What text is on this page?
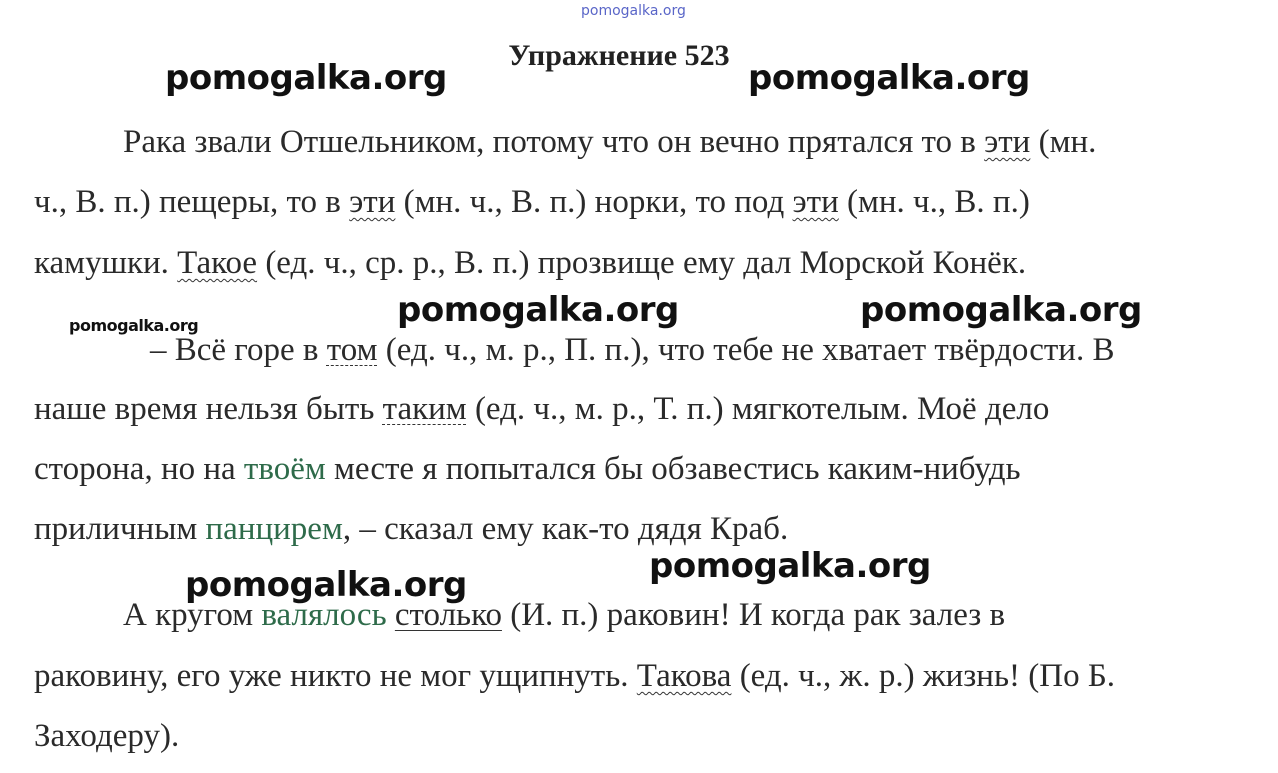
pomogalka.org
Упражнение 523
pomogalka.org	pomogalka.org
Рака звали Отшельником, потому что он вечно прятался то в эти (мн.
ч., В. п.) пещеры, то в эти (мн. ч., В. п.) норки, то под эти (мн. ч., В. п.)
камушки. Такое (ед. ч., ср. р., В. п.) прозвище ему дал Морской Конёк.
pomogalka.org	pomogalka.org
pomogalka.org
– Всё горе в том (ед. ч., м. р., П. п.), что тебе не хватает твёрдости. В
наше время нельзя быть таким (ед. ч., м. р., Т. п.) мягкотелым. Моё дело
сторона, но на твоём месте я попытался бы обзавестись каким-нибудь
приличным панцирем, – сказал ему как-то дядя Краб.
pomogalka.org
pomogalka.org
А кругом валялось столько (И. п.) раковин! И когда рак залез в
раковину, его уже никто не мог ущипнуть. Такова (ед. ч., ж. р.) жизнь! (По Б.
Заходеру).
